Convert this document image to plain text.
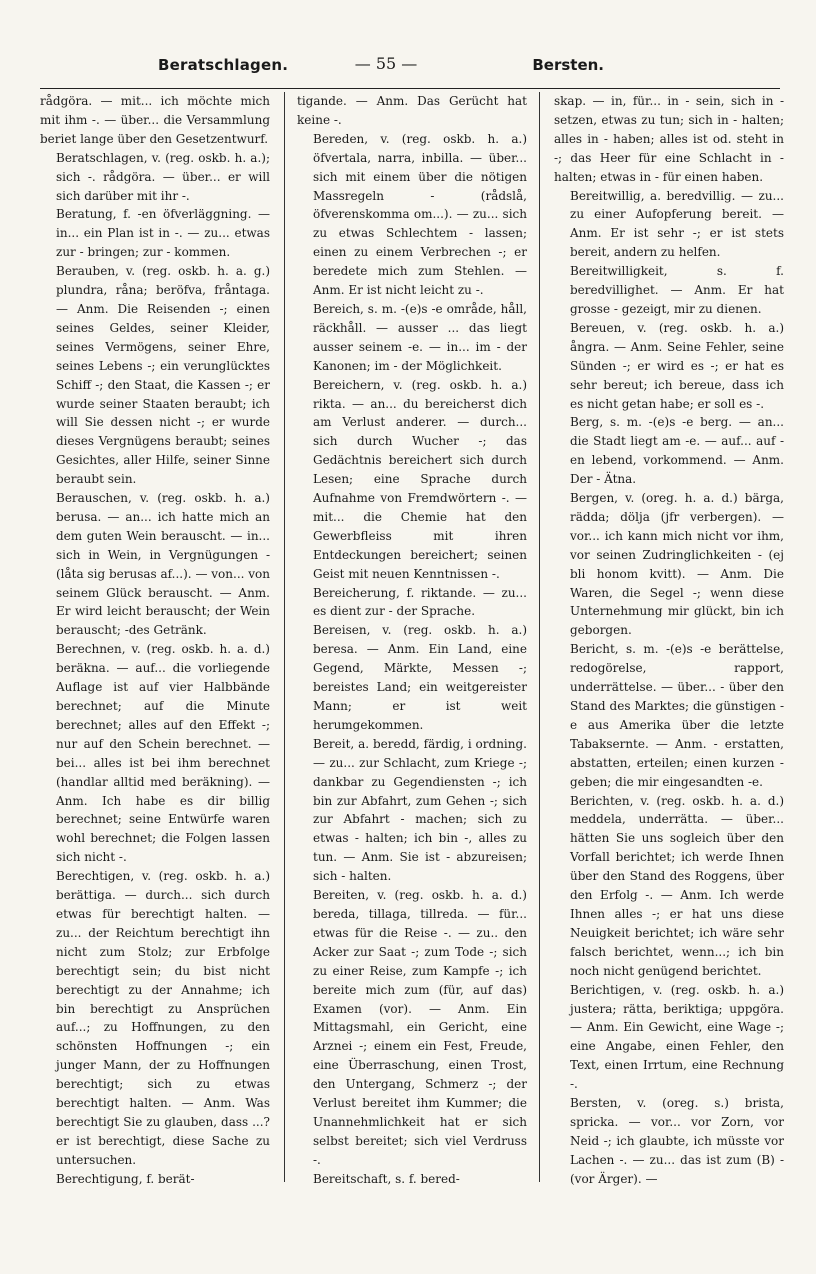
Beratschlagen.	— 55 —	Bersten.

rådgöra. — mit... ich möchte mich mit ihm -. — über... die Versammlung beriet lange über den Gesetzentwurf.

Beratschlagen, v. (reg. oskb. h. a.); sich -. rådgöra. — über... er will sich darüber mit ihr -.

Beratung, f. -en öfverläggning. — in... ein Plan ist in -. — zu... etwas zur - bringen; zur - kommen.

Berauben, v. (reg. oskb. h. a. g.) plundra, råna; beröfva, fråntaga. — Anm. Die Reisenden -; einen seines Geldes, seiner Kleider, seines Vermögens, seiner Ehre, seines Lebens -; ein verunglücktes Schiff -; den Staat, die Kassen -; er wurde seiner Staaten beraubt; ich will Sie dessen nicht -; er wurde dieses Vergnügens beraubt; seines Gesichtes, aller Hilfe, seiner Sinne beraubt sein.

Berauschen, v. (reg. oskb. h. a.) berusa. — an... ich hatte mich an dem guten Wein berauscht. — in... sich in Wein, in Vergnügungen - (låta sig berusas af...). — von... von seinem Glück berauscht. — Anm. Er wird leicht berauscht; der Wein berauscht; -des Getränk.

Berechnen, v. (reg. oskb. h. a. d.) beräkna. — auf... die vorliegende Auflage ist auf vier Halbbände berechnet; auf die Minute berechnet; alles auf den Effekt -; nur auf den Schein berechnet. — bei... alles ist bei ihm berechnet (handlar alltid med beräkning). — Anm. Ich habe es dir billig berechnet; seine Entwürfe waren wohl berechnet; die Folgen lassen sich nicht -.

Berechtigen, v. (reg. oskb. h. a.) berättiga. — durch... sich durch etwas für berechtigt halten. — zu... der Reichtum berechtigt ihn nicht zum Stolz; zur Erbfolge berechtigt sein; du bist nicht berechtigt zu der Annahme; ich bin berechtigt zu Ansprüchen auf...; zu Hoffnungen, zu den schönsten Hoffnungen -; ein junger Mann, der zu Hoffnungen berechtigt; sich zu etwas berechtigt halten. — Anm. Was berechtigt Sie zu glauben, dass ...? er ist berechtigt, diese Sache zu untersuchen.

Berechtigung, f. berät-

tigande. — Anm. Das Gerücht hat keine -.

Bereden, v. (reg. oskb. h. a.) öfvertala, narra, inbilla. — über... sich mit einem über die nötigen Massregeln - (rådslå, öfverenskomma om...). — zu... sich zu etwas Schlechtem - lassen; einen zu einem Verbrechen -; er beredete mich zum Stehlen. — Anm. Er ist nicht leicht zu -.

Bereich, s. m. -(e)s -e område, håll, räckhåll. — ausser ... das liegt ausser seinem -e. — in... im - der Kanonen; im - der Möglichkeit.

Bereichern, v. (reg. oskb. h. a.) rikta. — an... du bereicherst dich am Verlust anderer. — durch... sich durch Wucher -; das Gedächtnis bereichert sich durch Lesen; eine Sprache durch Aufnahme von Fremdwörtern -. — mit... die Chemie hat den Gewerbfleiss mit ihren Entdeckungen bereichert; seinen Geist mit neuen Kenntnissen -.

Bereicherung, f. riktande. — zu... es dient zur - der Sprache.

Bereisen, v. (reg. oskb. h. a.) beresa. — Anm. Ein Land, eine Gegend, Märkte, Messen -; bereistes Land; ein weitgereister Mann; er ist weit herumgekommen.

Bereit, a. beredd, färdig, i ordning. — zu... zur Schlacht, zum Kriege -; dankbar zu Gegendiensten -; ich bin zur Abfahrt, zum Gehen -; sich zur Abfahrt - machen; sich zu etwas - halten; ich bin -, alles zu tun. — Anm. Sie ist - abzureisen; sich - halten.

Bereiten, v. (reg. oskb. h. a. d.) bereda, tillaga, tillreda. — für... etwas für die Reise -. — zu.. den Acker zur Saat -; zum Tode -; sich zu einer Reise, zum Kampfe -; ich bereite mich zum (für, auf das) Examen (vor). — Anm. Ein Mittagsmahl, ein Gericht, eine Arznei -; einem ein Fest, Freude, eine Überraschung, einen Trost, den Untergang, Schmerz -; der Verlust bereitet ihm Kummer; die Unannehmlichkeit hat er sich selbst bereitet; sich viel Verdruss -.

Bereitschaft, s. f. bered-

skap. — in, für... in - sein, sich in - setzen, etwas zu tun; sich in - halten; alles in - haben; alles ist od. steht in -; das Heer für eine Schlacht in - halten; etwas in - für einen haben.

Bereitwillig, a. beredvillig. — zu... zu einer Aufopferung bereit. — Anm. Er ist sehr -; er ist stets bereit, andern zu helfen.

Bereitwilligkeit, s. f. beredvillighet. — Anm. Er hat grosse - gezeigt, mir zu dienen.

Bereuen, v. (reg. oskb. h. a.) ångra. — Anm. Seine Fehler, seine Sünden -; er wird es -; er hat es sehr bereut; ich bereue, dass ich es nicht getan habe; er soll es -.

Berg, s. m. -(e)s -e berg. — an... die Stadt liegt am -e. — auf... auf -en lebend, vorkommend. — Anm. Der - Ätna.

Bergen, v. (oreg. h. a. d.) bärga, rädda; dölja (jfr verbergen). — vor... ich kann mich nicht vor ihm, vor seinen Zudringlichkeiten - (ej bli honom kvitt). — Anm. Die Waren, die Segel -; wenn diese Unternehmung mir glückt, bin ich geborgen.

Bericht, s. m. -(e)s -e berättelse, redogörelse, rapport, underrättelse. — über... - über den Stand des Marktes; die günstigen -e aus Amerika über die letzte Tabaksernte. — Anm. - erstatten, abstatten, erteilen; einen kurzen - geben; die mir eingesandten -e.

Berichten, v. (reg. oskb. h. a. d.) meddela, underrätta. — über... hätten Sie uns sogleich über den Vorfall berichtet; ich werde Ihnen über den Stand des Roggens, über den Erfolg -. — Anm. Ich werde Ihnen alles -; er hat uns diese Neuigkeit berichtet; ich wäre sehr falsch berichtet, wenn...; ich bin noch nicht genügend berichtet.

Berichtigen, v. (reg. oskb. h. a.) justera; rätta, beriktiga; uppgöra. — Anm. Ein Gewicht, eine Wage -; eine Angabe, einen Fehler, den Text, einen Irrtum, eine Rechnung -.

Bersten, v. (oreg. s.) brista, spricka. — vor... vor Zorn, vor Neid -; ich glaubte, ich müsste vor Lachen -. — zu... das ist zum (B) - (vor Ärger). —
